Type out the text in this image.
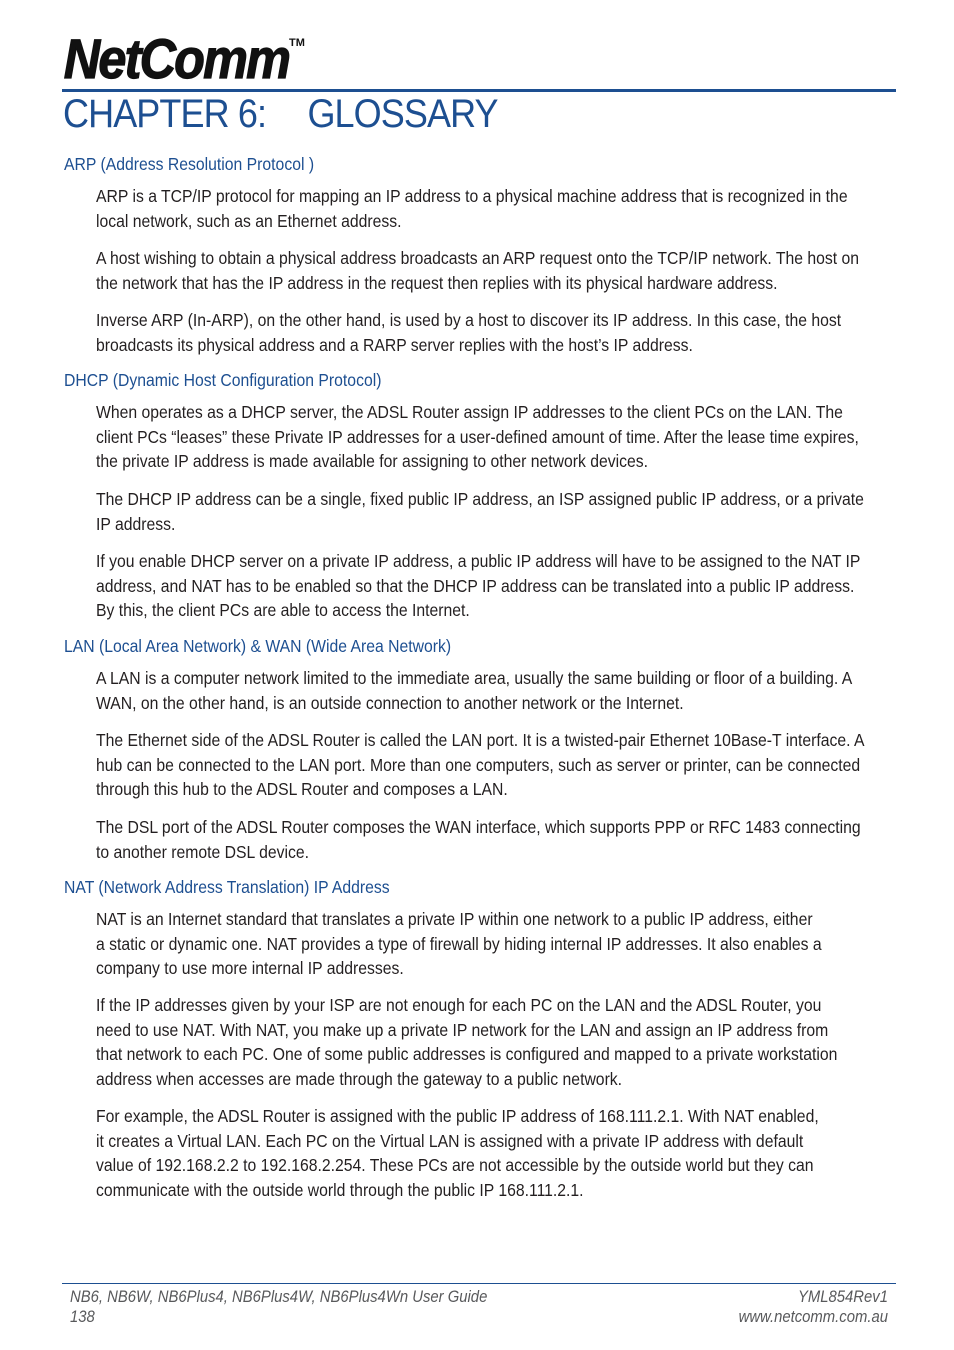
NetComm TM
CHAPTER 6: GLOSSARY
ARP (Address Resolution Protocol )

ARP is a TCP/IP protocol for mapping an IP address to a physical machine address that is recognized in the
local network, such as an Ethernet address.

A host wishing to obtain a physical address broadcasts an ARP request onto the TCP/IP network. The host on
the network that has the IP address in the request then replies with its physical hardware address.

Inverse ARP (In-ARP), on the other hand, is used by a host to discover its IP address. In this case, the host
broadcasts its physical address and a RARP server replies with the host’s IP address.

DHCP (Dynamic Host Configuration Protocol)

When operates as a DHCP server, the ADSL Router assign IP addresses to the client PCs on the LAN. The
client PCs “leases” these Private IP addresses for a user-defined amount of time. After the lease time expires,
the private IP address is made available for assigning to other network devices.

The DHCP IP address can be a single, fixed public IP address, an ISP assigned public IP address, or a private
IP address.

If you enable DHCP server on a private IP address, a public IP address will have to be assigned to the NAT IP
address, and NAT has to be enabled so that the DHCP IP address can be translated into a public IP address.
By this, the client PCs are able to access the Internet.

LAN (Local Area Network) & WAN (Wide Area Network)

A LAN is a computer network limited to the immediate area, usually the same building or floor of a building. A
WAN, on the other hand, is an outside connection to another network or the Internet.

The Ethernet side of the ADSL Router is called the LAN port. It is a twisted-pair Ethernet 10Base-T interface. A
hub can be connected to the LAN port. More than one computers, such as server or printer, can be connected
through this hub to the ADSL Router and composes a LAN.

The DSL port of the ADSL Router composes the WAN interface, which supports PPP or RFC 1483 connecting
to another remote DSL device.

NAT (Network Address Translation) IP Address

NAT is an Internet standard that translates a private IP within one network to a public IP address, either
a static or dynamic one. NAT provides a type of firewall by hiding internal IP addresses. It also enables a
company to use more internal IP addresses.

If the IP addresses given by your ISP are not enough for each PC on the LAN and the ADSL Router, you
need to use NAT. With NAT, you make up a private IP network for the LAN and assign an IP address from
that network to each PC. One of some public addresses is configured and mapped to a private workstation
address when accesses are made through the gateway to a public network.

For example, the ADSL Router is assigned with the public IP address of 168.111.2.1. With NAT enabled,
it creates a Virtual LAN. Each PC on the Virtual LAN is assigned with a private IP address with default
value of 192.168.2.2 to 192.168.2.254. These PCs are not accessible by the outside world but they can
communicate with the outside world through the public IP 168.111.2.1.

NB6, NB6W, NB6Plus4, NB6Plus4W, NB6Plus4Wn User Guide
138
YML854Rev1
www.netcomm.com.au
